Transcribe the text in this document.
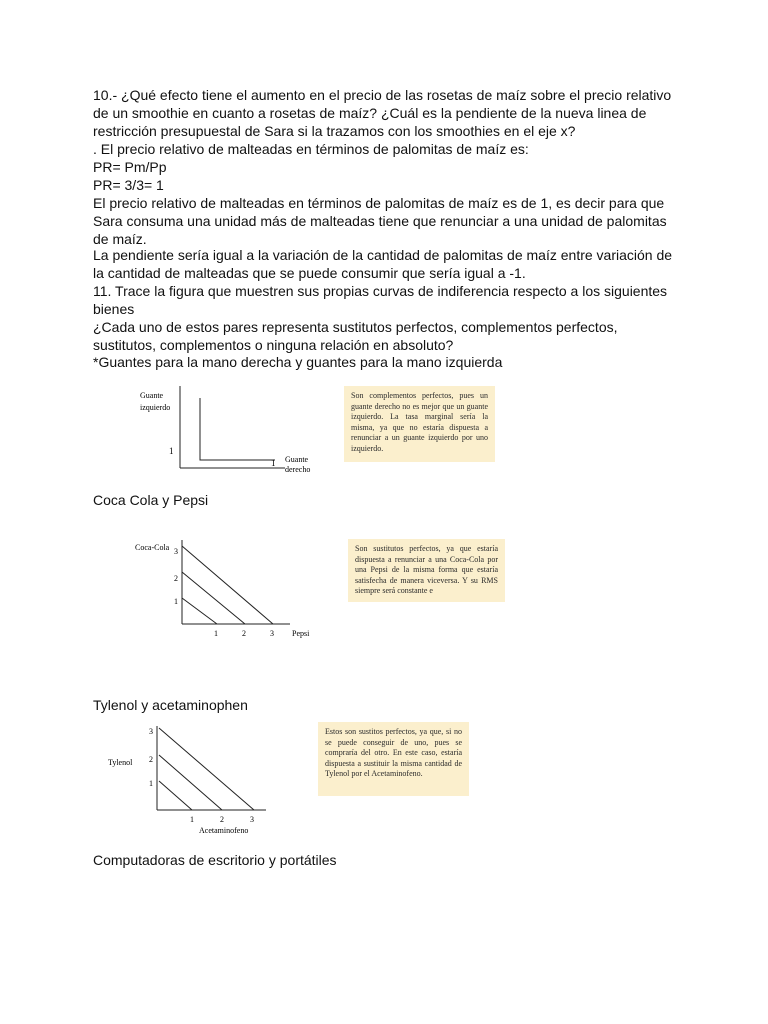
10.- ¿Qué efecto tiene el aumento en el precio de las rosetas de maíz sobre el precio relativo de un smoothie en cuanto a rosetas de maíz? ¿Cuál es la pendiente de la nueva linea de restricción presupuestal de Sara si la trazamos con los smoothies en el eje x?

. El precio relativo de malteadas en términos de palomitas de maíz es:

PR= Pm/Pp

PR= 3/3= 1

El precio relativo de malteadas en términos de palomitas de maíz es de 1, es decir para que Sara consuma una unidad más de malteadas tiene que renunciar a una unidad de palomitas de maíz.

La pendiente sería igual a la variación de la cantidad de palomitas de maíz entre variación de la cantidad de malteadas que se puede consumir que sería igual a -1.

11. Trace la figura que muestren sus propias curvas de indiferencia respecto a los siguientes bienes

¿Cada uno de estos pares representa sustitutos perfectos, complementos perfectos, sustitutos, complementos o ninguna relación en absoluto?

*Guantes para la mano derecha y guantes para la mano izquierda

Guante
izquierdo
1
1 Guante
derecho
Son complementos perfectos, pues un guante derecho no es mejor que un guante izquierdo. La tasa marginal sería la misma, ya que no estaría dispuesta a renunciar a un guante izquierdo por uno izquierdo.
Coca Cola y Pepsi
Coca-Cola 3
2
1
1	2	3 Pepsi
Son sustitutos perfectos, ya que estaría dispuesta a renunciar a una Coca-Cola por una Pepsi de la misma forma que estaría satisfecha de manera viceversa. Y su RMS siempre será constante e
Tylenol y acetaminophen
Tylenol
3
2
1
1	2	3
Acetaminofeno
Estos son sustitos perfectos, ya que, si no se puede conseguir de uno, pues se compraría del otro. En este caso, estaría dispuesta a sustituir la misma cantidad de Tylenol por el Acetaminofeno.
Computadoras de escritorio y portátiles
